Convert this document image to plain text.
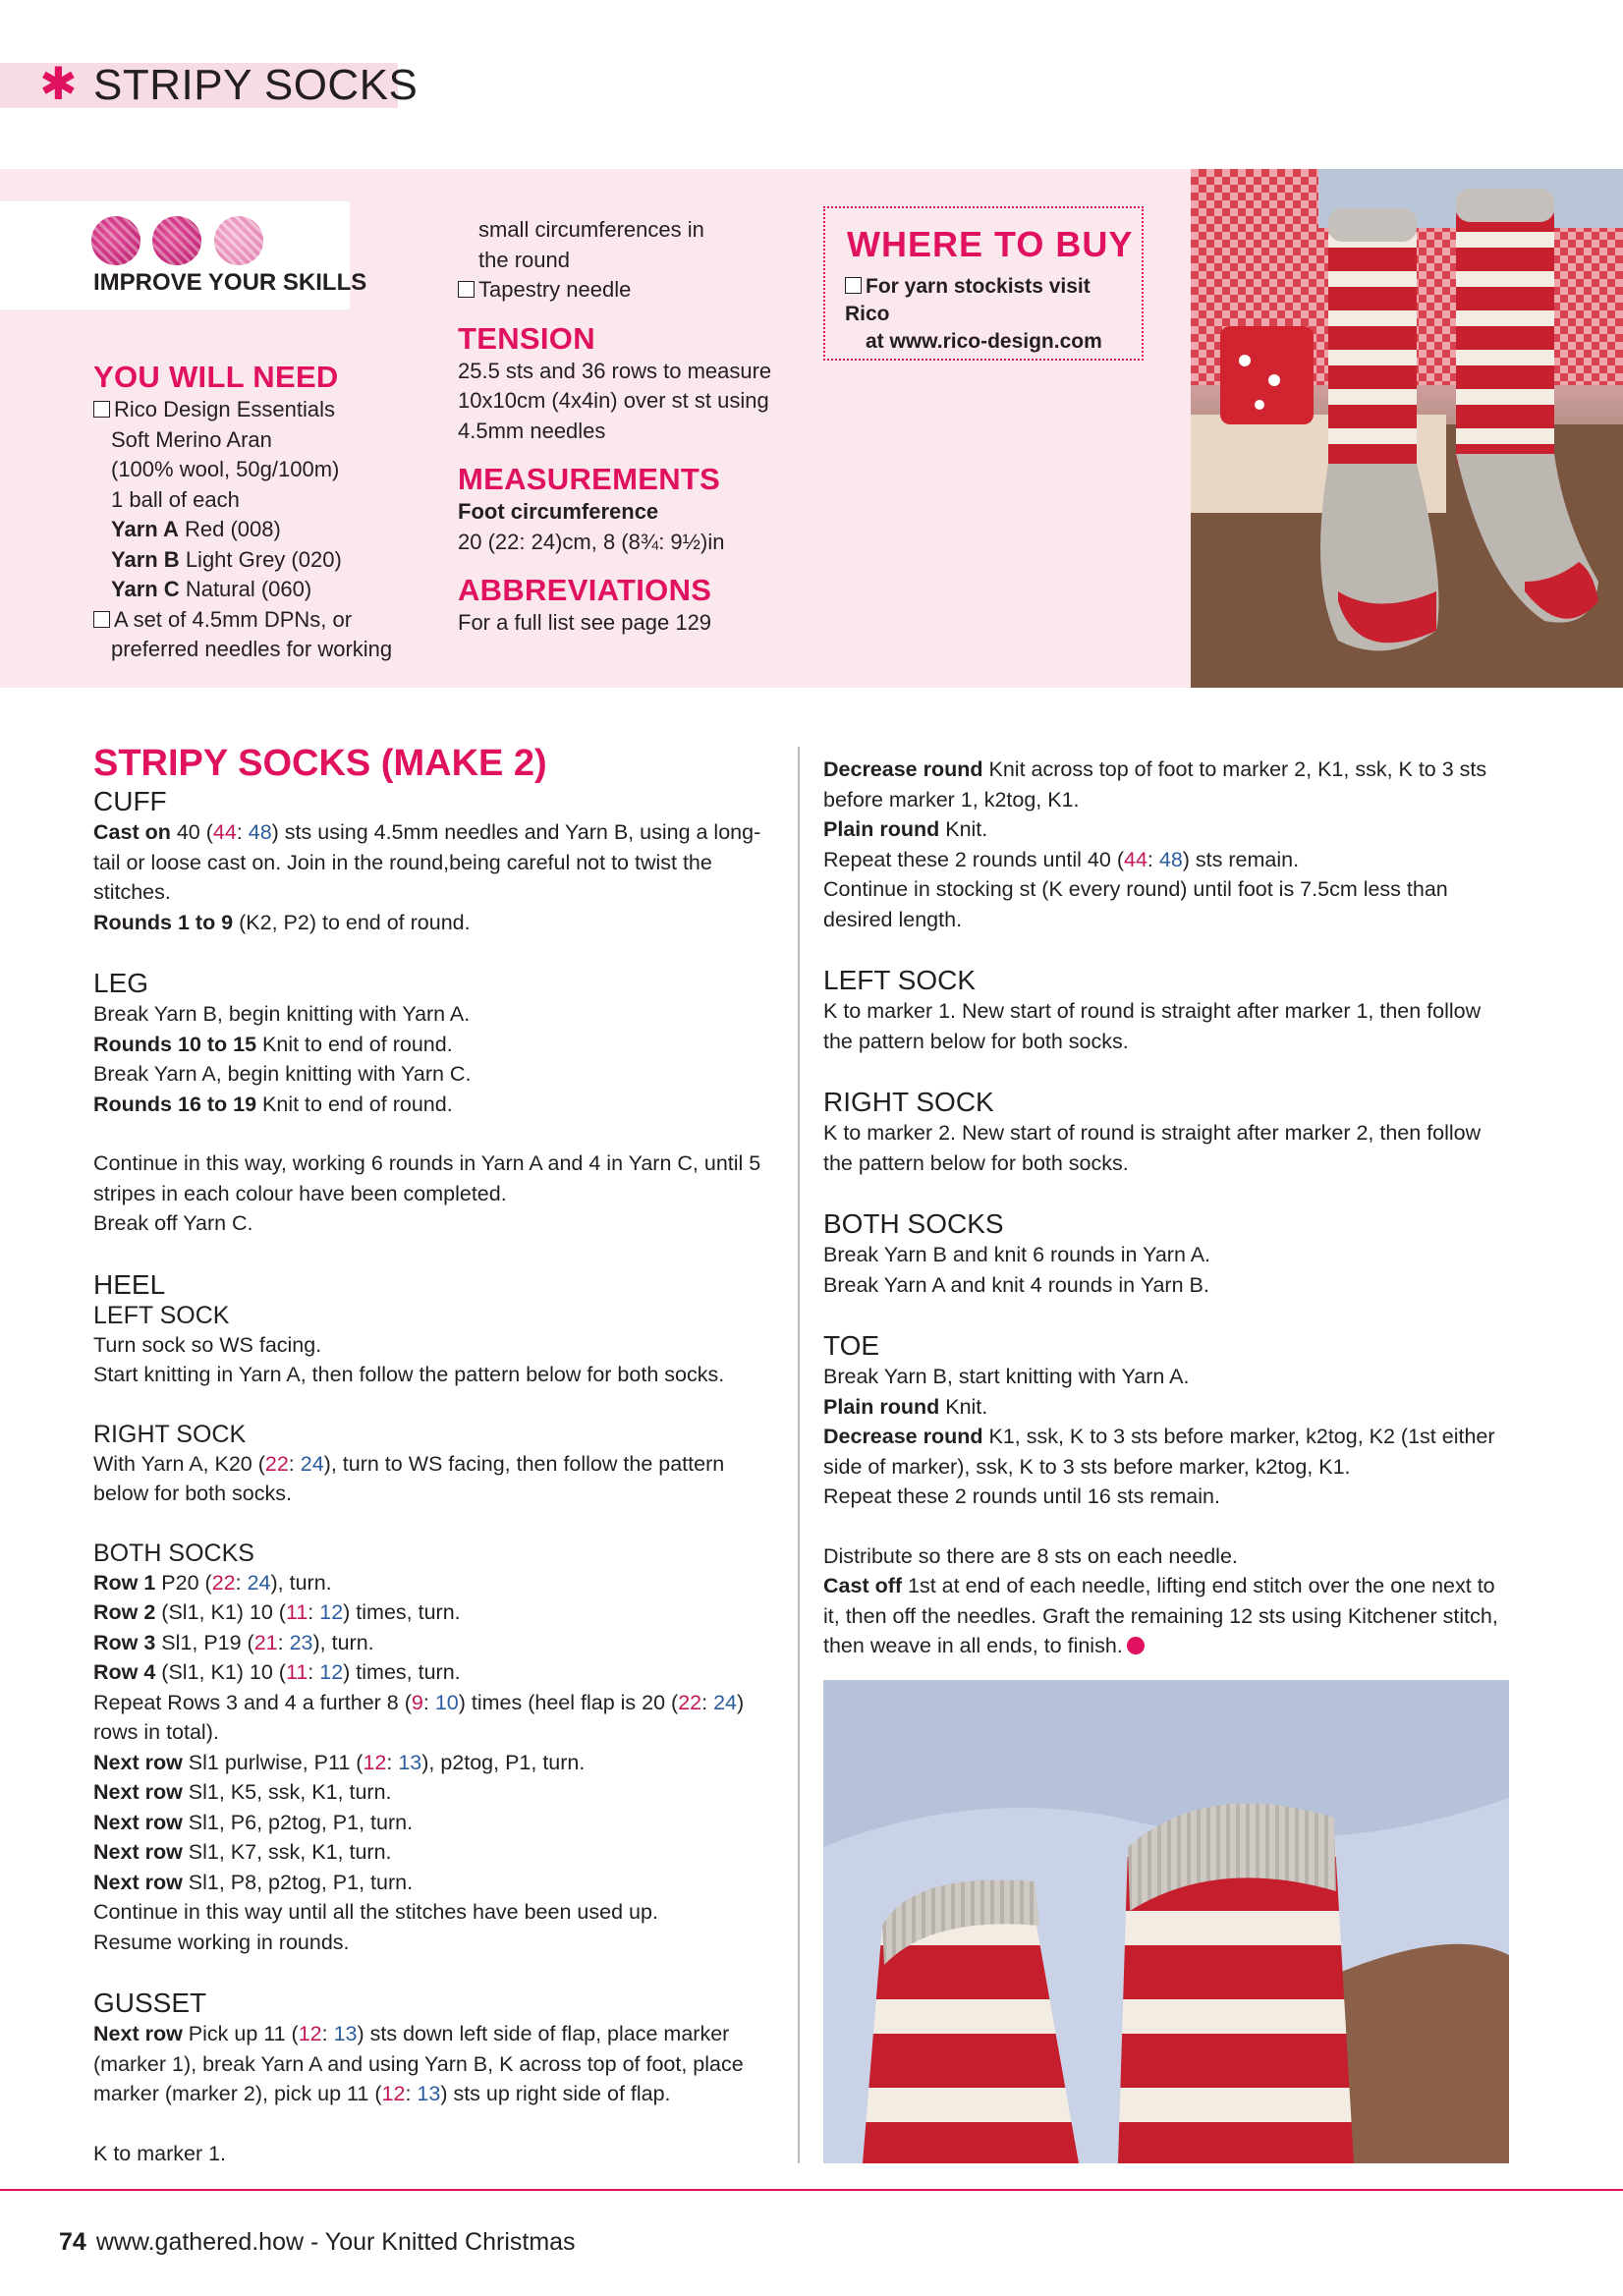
✱ STRIPY SOCKS
IMPROVE YOUR SKILLS
YOU WILL NEED
Rico Design Essentials
Soft Merino Aran
(100% wool, 50g/100m)
1 ball of each
Yarn A Red (008)
Yarn B Light Grey (020)
Yarn C Natural (060)
A set of 4.5mm DPNs, or
preferred needles for working
small circumferences in
the round
Tapestry needle
TENSION
25.5 sts and 36 rows to measure
10x10cm (4x4in) over st st using
4.5mm needles
MEASUREMENTS
Foot circumference
20 (22: 24)cm, 8 (8¾: 9½)in
ABBREVIATIONS
For a full list see page 129
WHERE TO BUY
For yarn stockists visit Rico
at www.rico-design.com
STRIPY SOCKS (MAKE 2)
CUFF
Cast on 40 (44: 48) sts using 4.5mm needles and Yarn B, using a long-tail or loose cast on. Join in the round,being careful not to twist the stitches.
Rounds 1 to 9 (K2, P2) to end of round.
LEG
Break Yarn B, begin knitting with Yarn A.
Rounds 10 to 15 Knit to end of round.
Break Yarn A, begin knitting with Yarn C.
Rounds 16 to 19 Knit to end of round.
Continue in this way, working 6 rounds in Yarn A and 4 in Yarn C, until 5 stripes in each colour have been completed.
Break off Yarn C.
HEEL
LEFT SOCK
Turn sock so WS facing.
Start knitting in Yarn A, then follow the pattern below for both socks.
RIGHT SOCK
With Yarn A, K20 (22: 24), turn to WS facing, then follow the pattern below for both socks.
BOTH SOCKS
Row 1 P20 (22: 24), turn.
Row 2 (Sl1, K1) 10 (11: 12) times, turn.
Row 3 Sl1, P19 (21: 23), turn.
Row 4 (Sl1, K1) 10 (11: 12) times, turn.
Repeat Rows 3 and 4 a further 8 (9: 10) times (heel flap is 20 (22: 24) rows in total).
Next row Sl1 purlwise, P11 (12: 13), p2tog, P1, turn.
Next row Sl1, K5, ssk, K1, turn.
Next row Sl1, P6, p2tog, P1, turn.
Next row Sl1, K7, ssk, K1, turn.
Next row Sl1, P8, p2tog, P1, turn.
Continue in this way until all the stitches have been used up.
Resume working in rounds.
GUSSET
Next row Pick up 11 (12: 13) sts down left side of flap, place marker (marker 1), break Yarn A and using Yarn B, K across top of foot, place marker (marker 2), pick up 11 (12: 13) sts up right side of flap.
K to marker 1.
Decrease round Knit across top of foot to marker 2, K1, ssk, K to 3 sts before marker 1, k2tog, K1.
Plain round Knit.
Repeat these 2 rounds until 40 (44: 48) sts remain.
Continue in stocking st (K every round) until foot is 7.5cm less than desired length.
LEFT SOCK
K to marker 1. New start of round is straight after marker 1, then follow the pattern below for both socks.
RIGHT SOCK
K to marker 2. New start of round is straight after marker 2, then follow the pattern below for both socks.
BOTH SOCKS
Break Yarn B and knit 6 rounds in Yarn A.
Break Yarn A and knit 4 rounds in Yarn B.
TOE
Break Yarn B, start knitting with Yarn A.
Plain round Knit.
Decrease round K1, ssk, K to 3 sts before marker, k2tog, K2 (1st either side of marker), ssk, K to 3 sts before marker, k2tog, K1.
Repeat these 2 rounds until 16 sts remain.
Distribute so there are 8 sts on each needle.
Cast off 1st at end of each needle, lifting end stitch over the one next to it, then off the needles. Graft the remaining 12 sts using Kitchener stitch, then weave in all ends, to finish.
74 www.gathered.how - Your Knitted Christmas
